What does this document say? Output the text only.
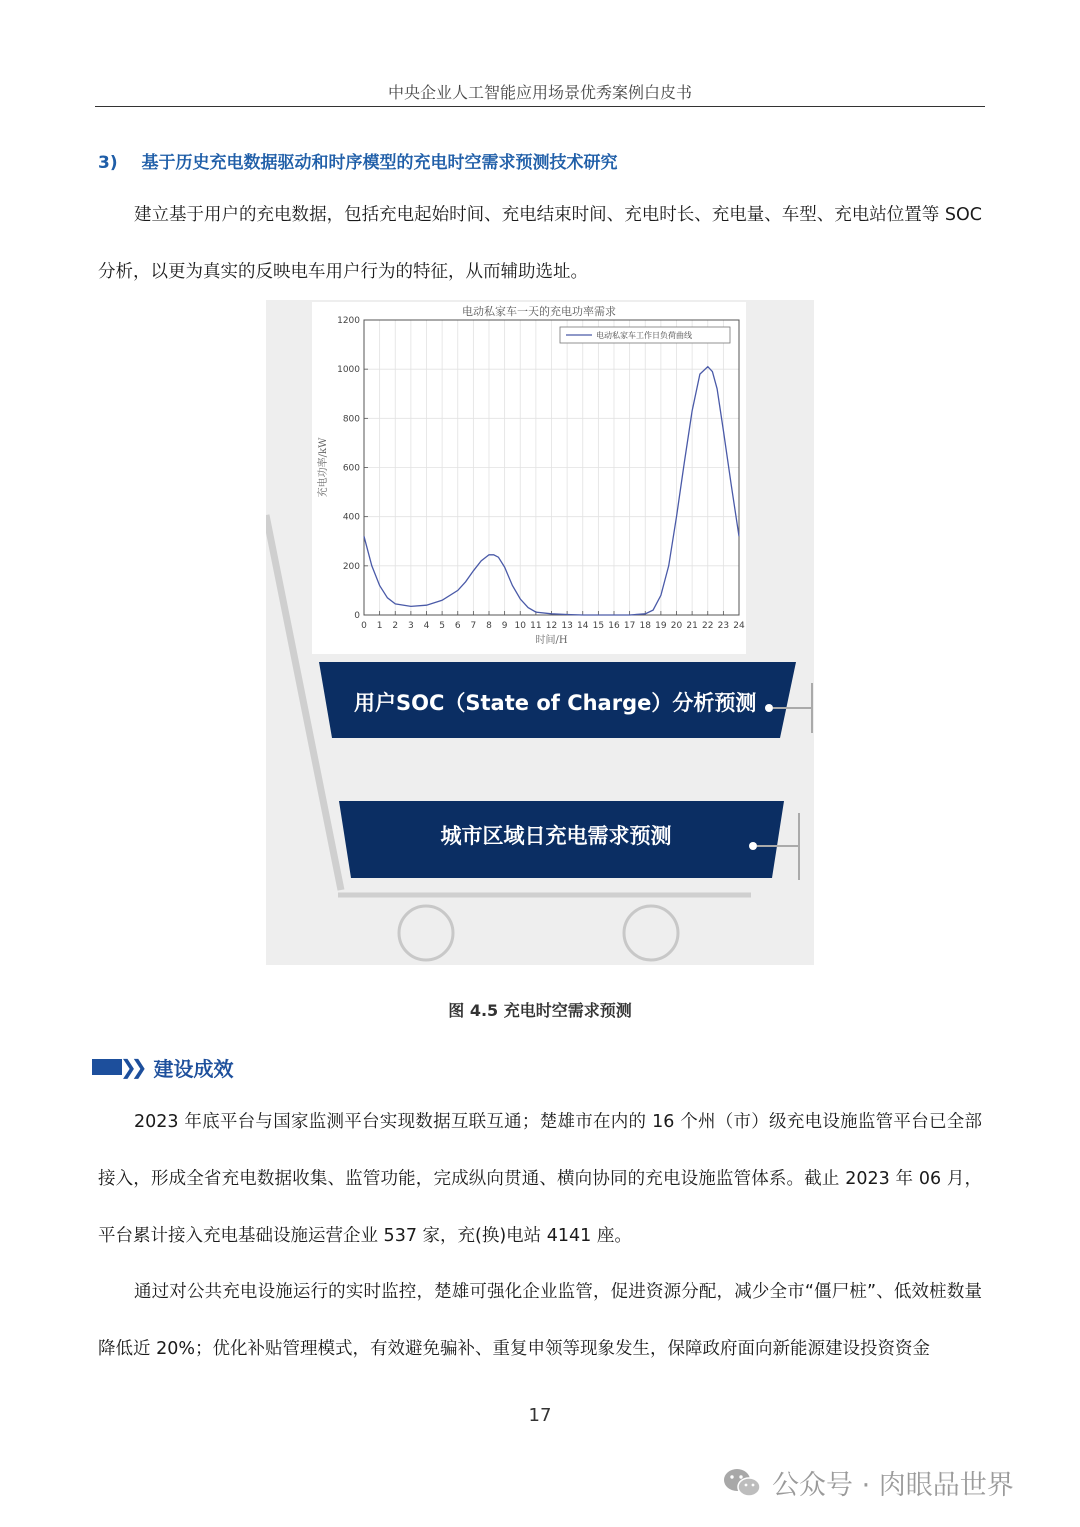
中央企业人工智能应用场景优秀案例白皮书
3) 基于历史充电数据驱动和时序模型的充电时空需求预测技术研究
建立基于用户的充电数据，包括充电起始时间、充电结束时间、充电时长、充电量、车型、充电站位置等 SOC 分析，以更为真实的反映电车用户行为的特征，从而辅助选址。
电动私家车一天的充电功率需求
0 1 2 3 4 5 6 7 8 9 10 11 12 13 14 15 16 17 18 19 20 21 22 23 24
0
200
400
600
800
1000
1200
时间/H
充电功率/kW
电动私家车工作日负荷曲线
用户SOC（State of Charge）分析预测
城市区域日充电需求预测
图 4.5 充电时空需求预测
❯❯ 建设成效
2023 年底平台与国家监测平台实现数据互联互通；楚雄市在内的 16 个州（市）级充电设施监管平台已全部接入，形成全省充电数据收集、监管功能，完成纵向贯通、横向协同的充电设施监管体系。截止 2023 年 06 月，平台累计接入充电基础设施运营企业 537 家，充(换)电站 4141 座。
通过对公共充电设施运行的实时监控，楚雄可强化企业监管，促进资源分配，减少全市“僵尸桩”、低效桩数量降低近 20%；优化补贴管理模式，有效避免骗补、重复申领等现象发生，保障政府面向新能源建设投资资金
17
公众号 · 肉眼品世界
